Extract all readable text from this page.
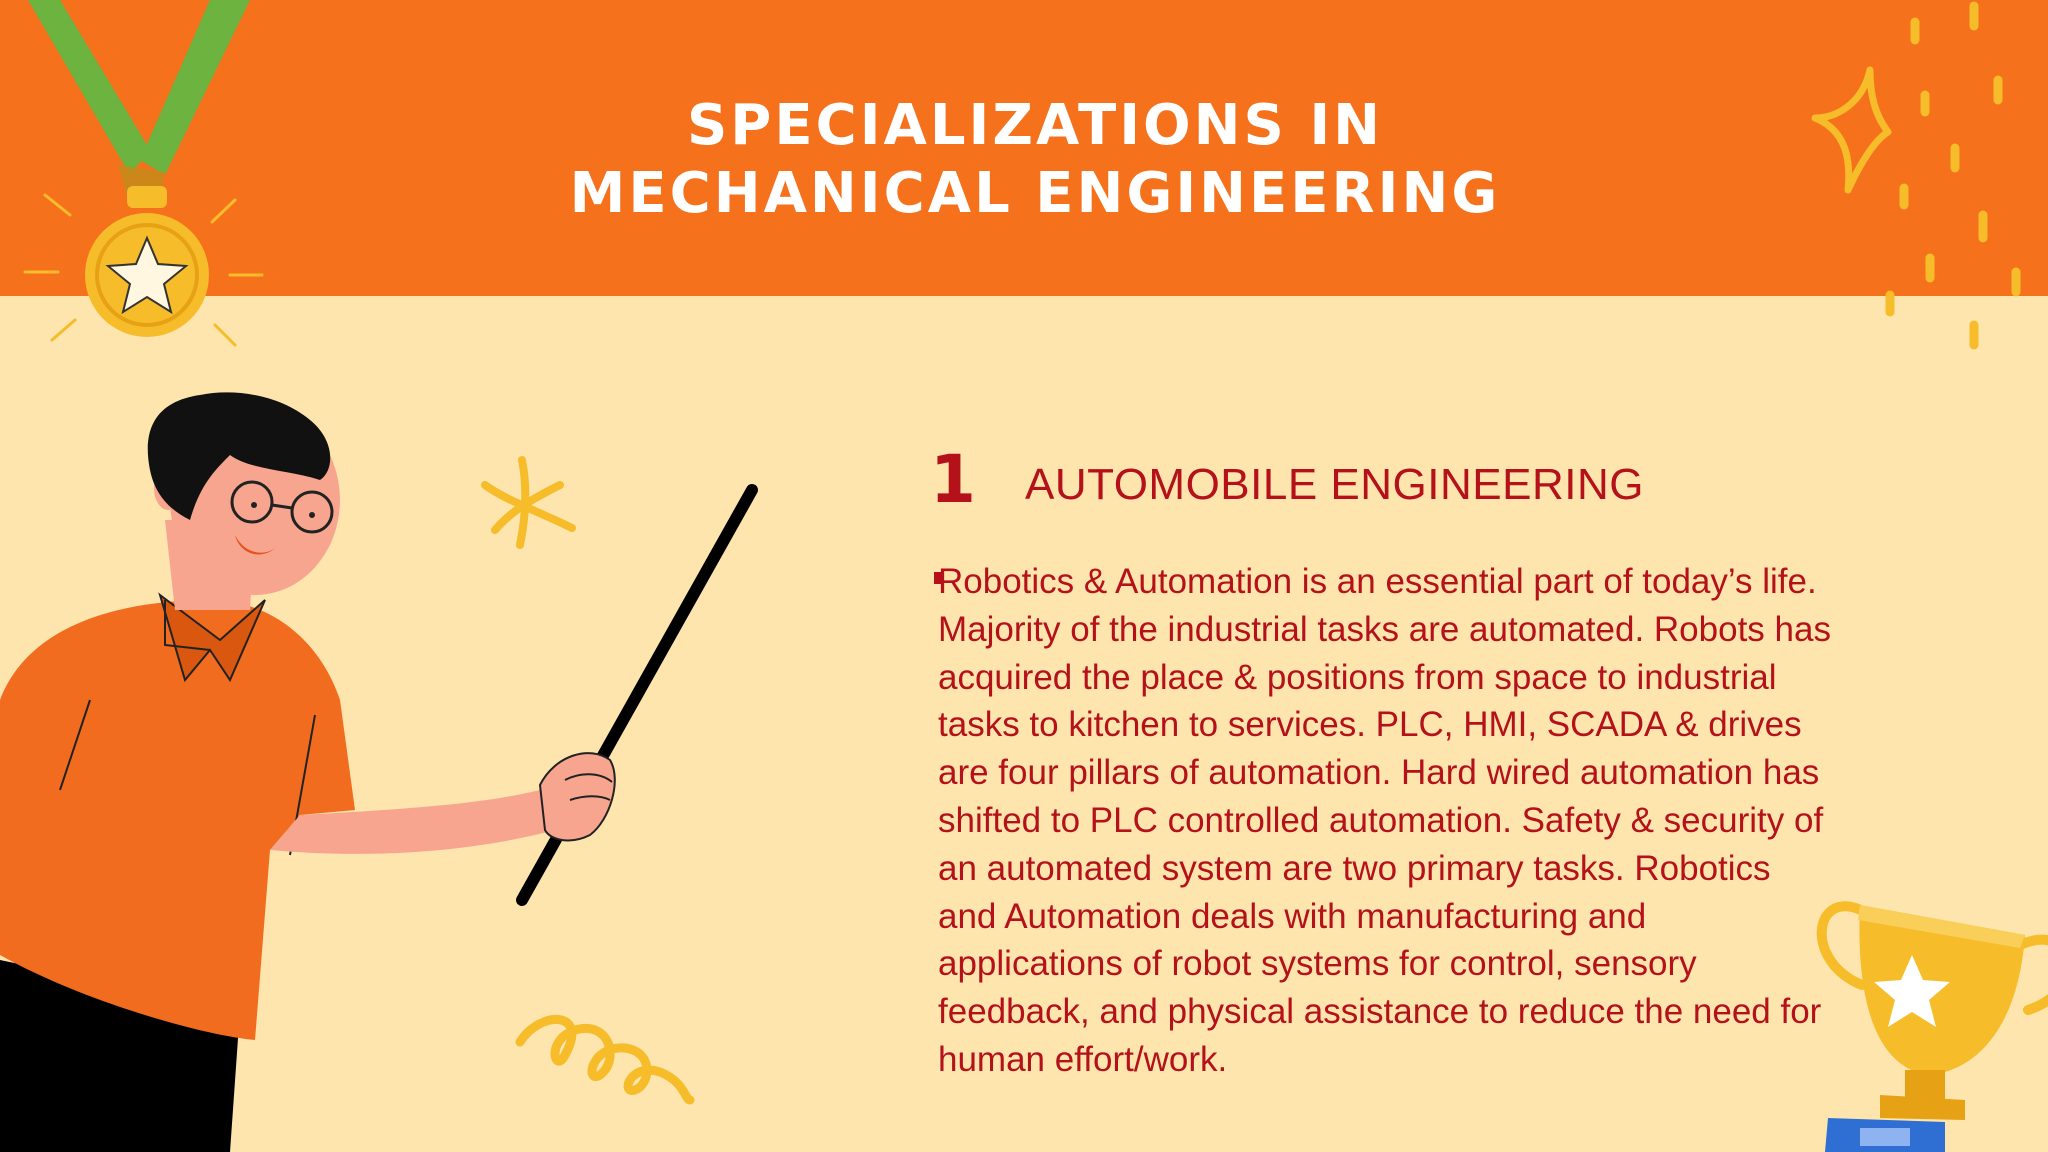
SPECIALIZATIONS IN
MECHANICAL ENGINEERING
1 AUTOMOBILE ENGINEERING
Robotics & Automation is an essential part of today’s life. Majority of the industrial tasks are automated. Robots has acquired the place & positions from space to industrial tasks to kitchen to services. PLC, HMI, SCADA & drives are four pillars of automation. Hard wired automation has shifted to PLC controlled automation. Safety & security of an automated system are two primary tasks. Robotics and Automation deals with manufacturing and applications of robot systems for control, sensory feedback, and physical assistance to reduce the need for human effort/work.
